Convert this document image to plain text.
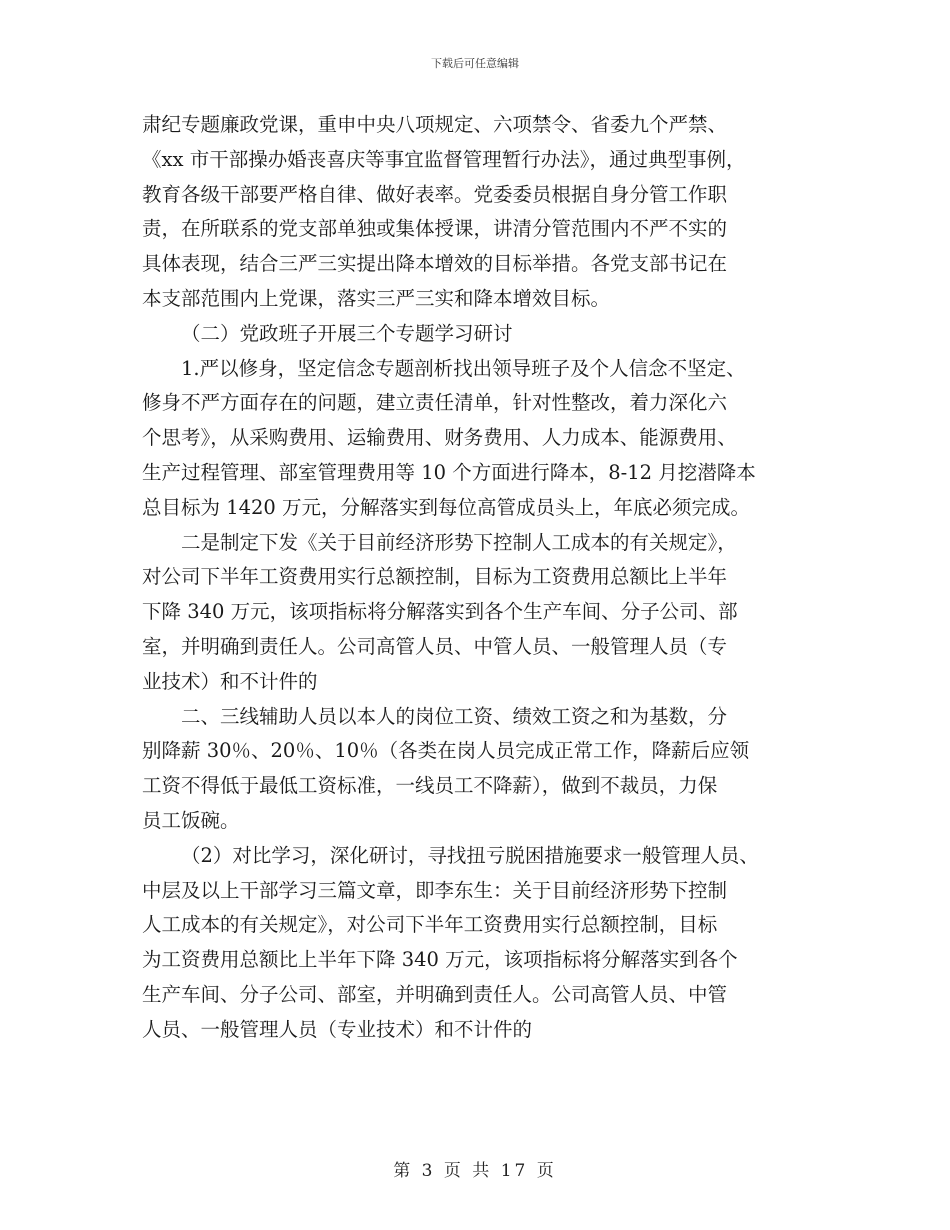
下载后可任意编辑
肃纪专题廉政党课，重申中央八项规定、六项禁令、省委九个严禁、
《xx 市干部操办婚丧喜庆等事宜监督管理暂行办法》，通过典型事例，
教育各级干部要严格自律、做好表率。党委委员根据自身分管工作职
责，在所联系的党支部单独或集体授课，讲清分管范围内不严不实的
具体表现，结合三严三实提出降本增效的目标举措。各党支部书记在
本支部范围内上党课，落实三严三实和降本增效目标。
（二）党政班子开展三个专题学习研讨
1.严以修身，坚定信念专题剖析找出领导班子及个人信念不坚定、
修身不严方面存在的问题，建立责任清单，针对性整改，着力深化六
个思考》，从采购费用、运输费用、财务费用、人力成本、能源费用、
生产过程管理、部室管理费用等 10 个方面进行降本，8-12 月挖潜降本
总目标为 1420 万元，分解落实到每位高管成员头上，年底必须完成。
二是制定下发《关于目前经济形势下控制人工成本的有关规定》，
对公司下半年工资费用实行总额控制，目标为工资费用总额比上半年
下降 340 万元，该项指标将分解落实到各个生产车间、分子公司、部
室，并明确到责任人。公司高管人员、中管人员、一般管理人员（专
业技术）和不计件的
二、三线辅助人员以本人的岗位工资、绩效工资之和为基数，分
别降薪 30％、20％、10％（各类在岗人员完成正常工作，降薪后应领
工资不得低于最低工资标准，一线员工不降薪），做到不裁员，力保
员工饭碗。
（2）对比学习，深化研讨，寻找扭亏脱困措施要求一般管理人员、
中层及以上干部学习三篇文章，即李东生：关于目前经济形势下控制
人工成本的有关规定》，对公司下半年工资费用实行总额控制，目标
为工资费用总额比上半年下降 340 万元，该项指标将分解落实到各个
生产车间、分子公司、部室，并明确到责任人。公司高管人员、中管
人员、一般管理人员（专业技术）和不计件的
第 3 页 共 17 页
